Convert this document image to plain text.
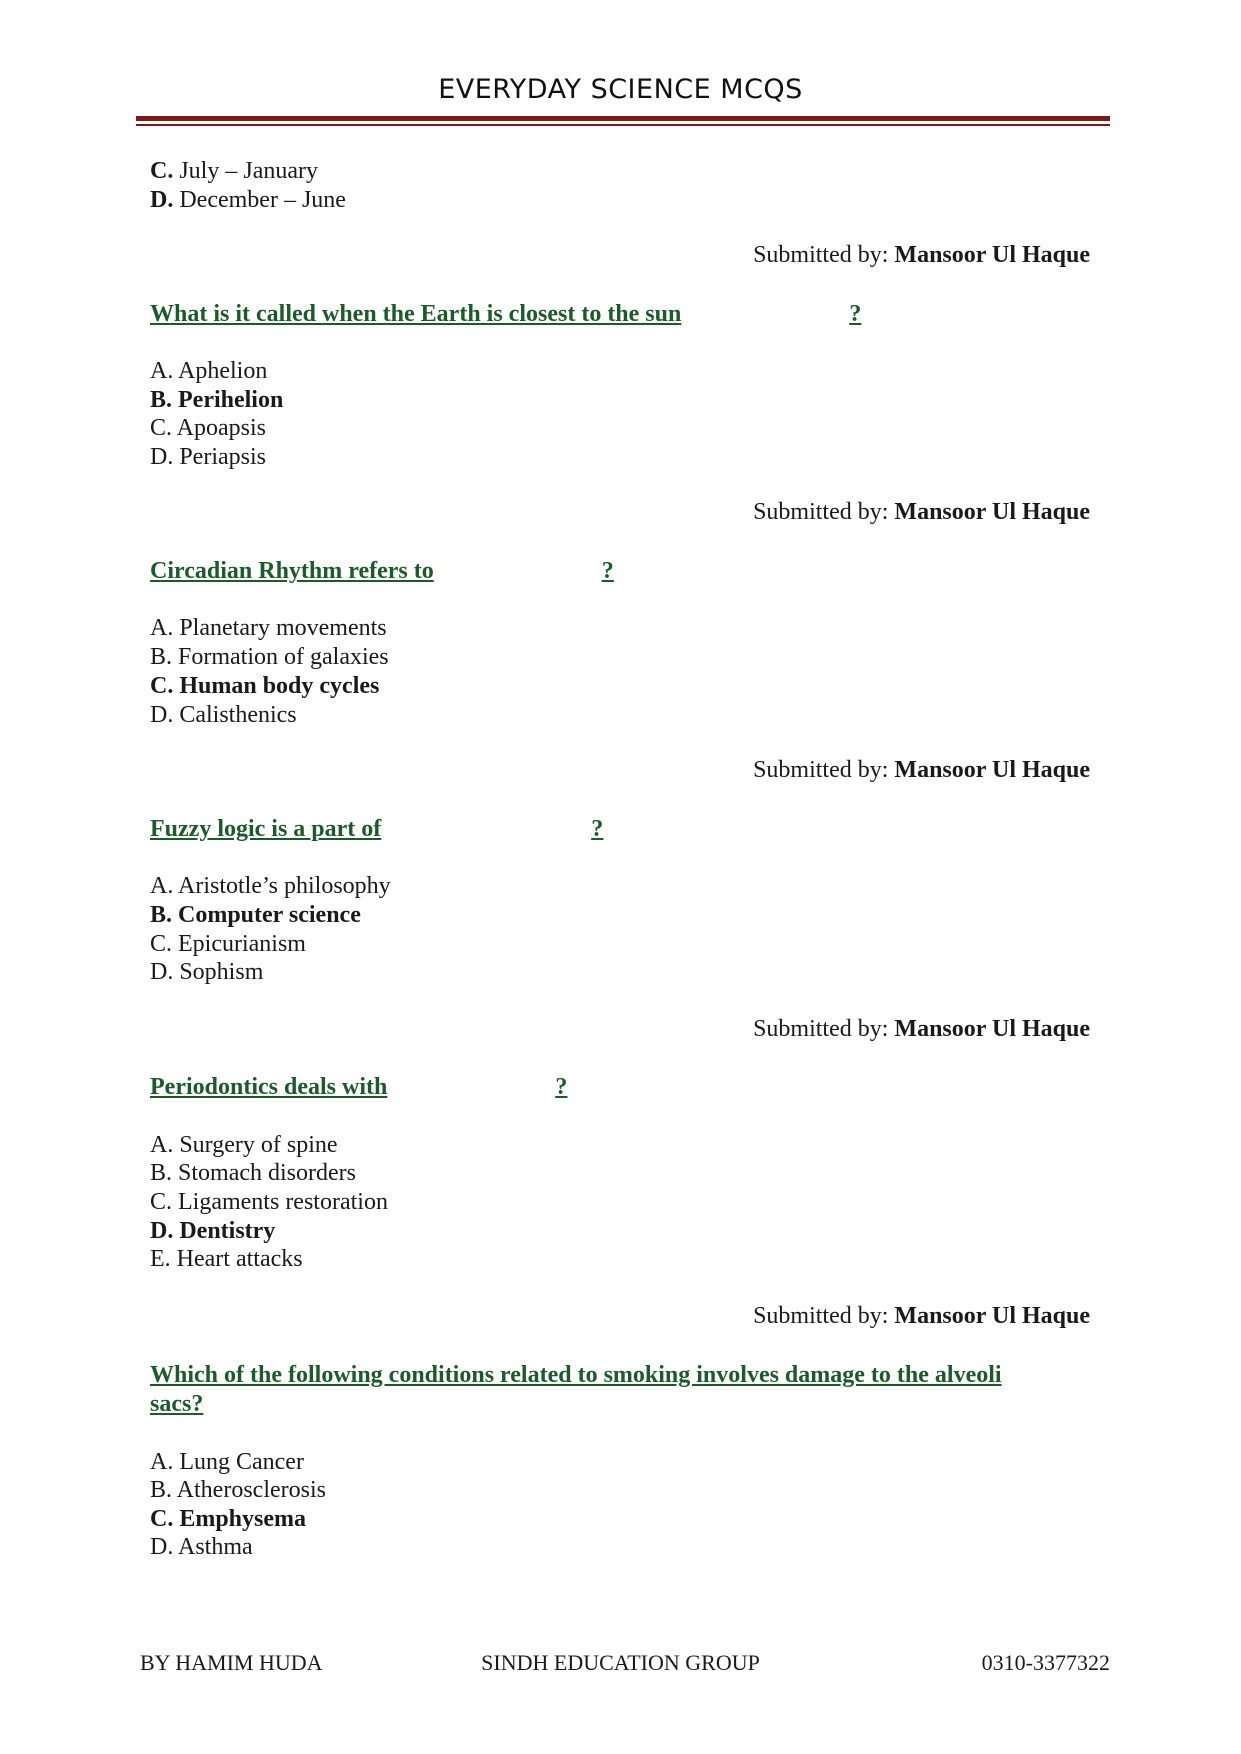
EVERYDAY SCIENCE MCQS
C. July – January
D. December – June
Submitted by: Mansoor Ul Haque
What is it called when the Earth is closest to the sun	?
A. Aphelion
B. Perihelion
C. Apoapsis
D. Periapsis
Submitted by: Mansoor Ul Haque
Circadian Rhythm refers to	?
A. Planetary movements
B. Formation of galaxies
C. Human body cycles
D. Calisthenics
Submitted by: Mansoor Ul Haque
Fuzzy logic is a part of	?
A. Aristotle’s philosophy
B. Computer science
C. Epicurianism
D. Sophism
Submitted by: Mansoor Ul Haque
Periodontics deals with	?
A. Surgery of spine
B. Stomach disorders
C. Ligaments restoration
D. Dentistry
E. Heart attacks
Submitted by: Mansoor Ul Haque
Which of the following conditions related to smoking involves damage to the alveoli
sacs?
A. Lung Cancer
B. Atherosclerosis
C. Emphysema
D. Asthma
BY HAMIM HUDA	SINDH EDUCATION GROUP	0310-3377322
